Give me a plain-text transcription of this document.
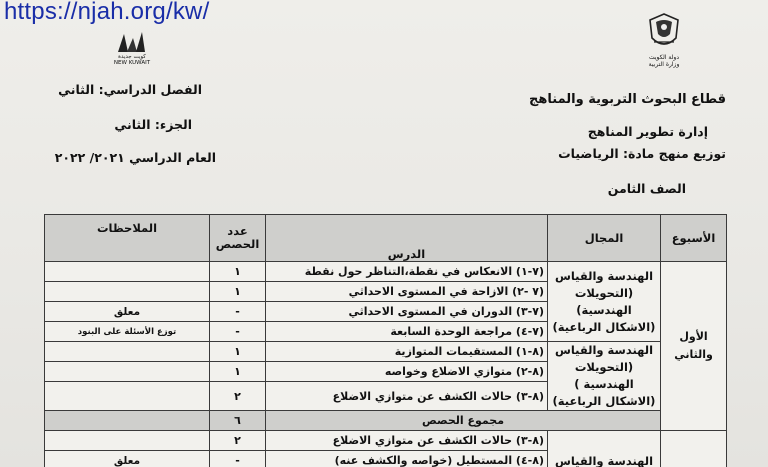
https://njah.org/kw/
دولة الكويت
وزارة التربية
كويت جديدة
NEW KUWAIT
قطاع البحوث التربوية والمناهج
إدارة تطوير المناهج
توزيع منهج مادة: الرياضيات
الصف الثامن
الفصل الدراسي: الثاني
الجزء: الثاني
العام الدراسي ٢٠٢١/ ٢٠٢٢
الأسبوع	المجال	الدرس	عدد الحصص	الملاحظات
الأول والثاني	الهندسة والقياس (التحويلات الهندسية) (الاشكال الرباعية)	(٧-١) الانعكاس في نقطة،التناظر حول نقطة	١	
		(٧ -٢) الازاحة في المستوى الاحداثي	١	
		(٧-٣) الدوران في المستوى الاحداثي	-	معلق
		(٧-٤) مراجعة الوحدة السابعة	-	توزع الأسئلة على البنود
	الهندسة والقياس (التحويلات الهندسية ) (الاشكال الرباعية)	(٨-١) المستقيمات المتوازية	١	
		(٨-٢) متوازي الاضلاع وخواصه	١	
		(٨-٣) حالات الكشف عن متوازي الاضلاع	٢	
	مجموع الحصص		٦	
	الهندسة والقياس	(٨-٣) حالات الكشف عن متوازي الاضلاع	٢	
		(٨-٤) المستطيل (خواصه والكشف عنه)	-	معلق
